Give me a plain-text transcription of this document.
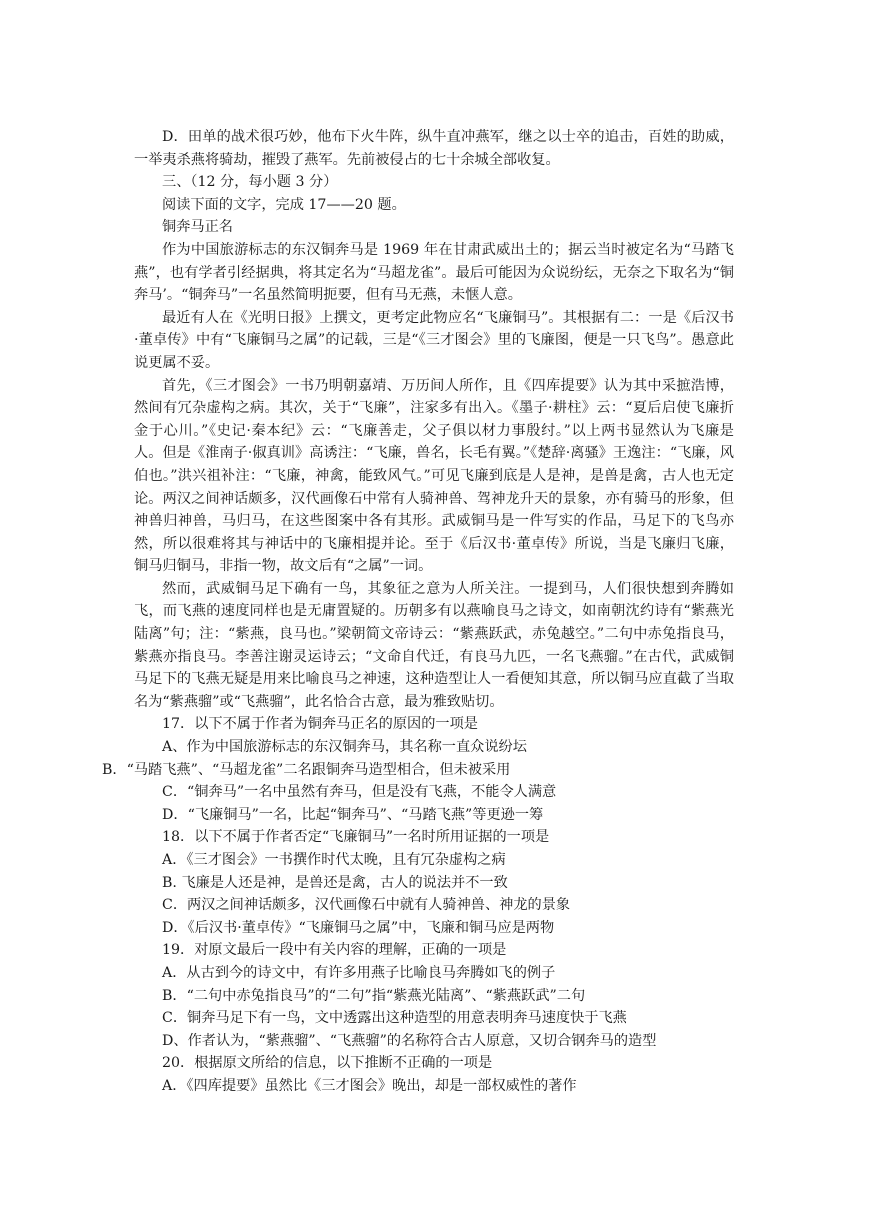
D．田单的战术很巧妙，他布下火牛阵，纵牛直冲燕军，继之以士卒的追击，百姓的助威，一举夷杀燕将骑劫，摧毁了燕军。先前被侵占的七十余城全部收复。

三、（12 分，每小题 3 分）

阅读下面的文字，完成 17——20 题。

铜奔马正名

作为中国旅游标志的东汉铜奔马是 1969 年在甘肃武威出土的；据云当时被定名为“马踏飞燕”，也有学者引经据典，将其定名为“马超龙雀”。最后可能因为众说纷纭，无奈之下取名为“铜奔马’。“铜奔马”一名虽然简明扼要，但有马无燕，未惬人意。

最近有人在《光明日报》上撰文，更考定此物应名“飞廉铜马”。其根据有二：一是《后汉书·董卓传》中有“飞廉铜马之属”的记载，三是“《三才图会》里的飞廉图，便是一只飞鸟”。愚意此说更属不妥。

首先，《三才图会》一书乃明朝嘉靖、万历间人所作，且《四库提要》认为其中采摭浩博，然间有冗杂虚构之病。其次，关于“飞廉”，注家多有出入。《墨子·耕柱》云：“夏后启使飞廉折金于心川。”《史记·秦本纪》云：“飞廉善走，父子俱以材力事殷纣。”以上两书显然认为飞廉是人。但是《淮南子·俶真训》高诱注：“飞廉，兽名，长毛有翼。”《楚辞·离骚》王逸注：“飞廉，风伯也。”洪兴祖补注：“飞廉，神禽，能致风气。”可见飞廉到底是人是神，是兽是禽，古人也无定论。两汉之间神话颇多，汉代画像石中常有人骑神兽、驾神龙升天的景象，亦有骑马的形象，但神兽归神兽，马归马，在这些图案中各有其形。武威铜马是一件写实的作品，马足下的飞鸟亦然，所以很难将其与神话中的飞廉相提并论。至于《后汉书·董卓传》所说，当是飞廉归飞廉，铜马归铜马，非指一物，故文后有“之属”一词。

然而，武威铜马足下确有一鸟，其象征之意为人所关注。一提到马，人们很快想到奔腾如飞，而飞燕的速度同样也是无庸置疑的。历朝多有以燕喻良马之诗文，如南朝沈约诗有“紫燕光陆离”句；注：“紫燕，良马也。”梁朝简文帝诗云：“紫燕跃武，赤兔越空。”二句中赤兔指良马，紫燕亦指良马。李善注谢灵运诗云；“文命自代迁，有良马九匹，一名飞燕骝。”在古代，武威铜马足下的飞燕无疑是用来比喻良马之神速，这种造型让人一看便知其意，所以铜马应直截了当取名为“紫燕骝”或“飞燕骝”，此名恰合古意，最为雅致贴切。

17．以下不属于作者为铜奔马正名的原因的一项是

A、作为中国旅游标志的东汉铜奔马，其名称一直众说纷坛

B．“马踏飞燕”、“马超龙雀”二名跟铜奔马造型相合，但未被采用

C．“铜奔马”一名中虽然有奔马，但是没有飞燕，不能令人满意

D．“飞廉铜马”一名，比起“铜奔马”、“马踏飞燕”等更逊一筹

18．以下不属于作者否定“飞廉铜马”一名时所用证据的一项是

A．《三才图会》一书撰作时代太晚，且有冗杂虚构之病

B. 飞廉是人还是神，是兽还是禽，古人的说法并不一致

C．两汉之间神话颇多，汉代画像石中就有人骑神兽、神龙的景象

D．《后汉书·董卓传》“飞廉铜马之属”中，飞廉和铜马应是两物

19．对原文最后一段中有关内容的理解，正确的一项是

A．从古到今的诗文中，有许多用燕子比喻良马奔腾如飞的例子

B．“二句中赤兔指良马”的“二句”指“紫燕光陆离”、“紫燕跃武”二句

C．铜奔马足下有一鸟，文中透露出这种造型的用意表明奔马速度快于飞燕

D、作者认为，“紫燕骝”、“飞燕骝”的名称符合古人原意，又切合钢奔马的造型

20．根据原文所给的信息，以下推断不正确的一项是

A．《四库提要》虽然比《三才图会》晚出，却是一部权威性的著作
